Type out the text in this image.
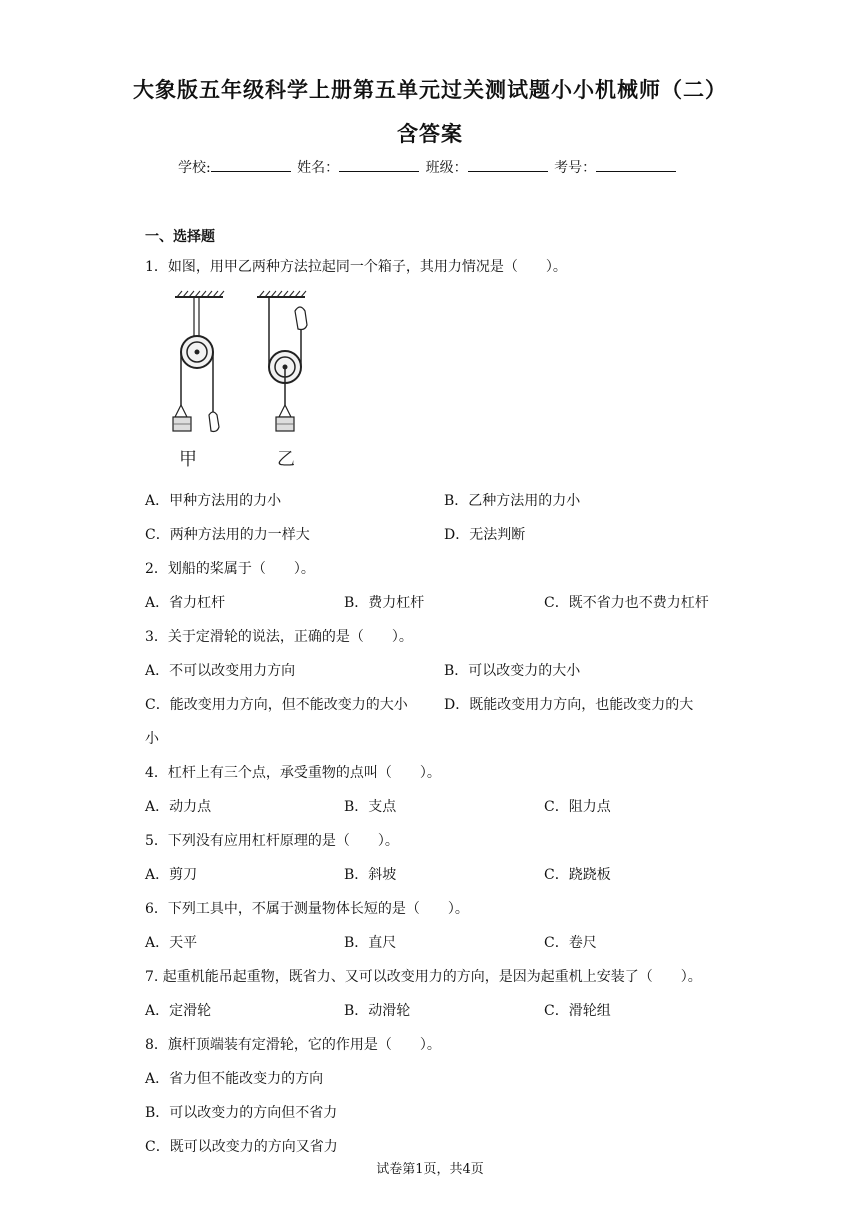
大象版五年级科学上册第五单元过关测试题小小机械师（二）
含答案
学校:	姓名：	班级：	考号：
一、选择题
1．如图，用甲乙两种方法拉起同一个箱子，其用力情况是（　　）。
甲	乙
A．甲种方法用的力小	B．乙种方法用的力小
C．两种方法用的力一样大	D．无法判断
2．划船的桨属于（　　）。
A．省力杠杆	B．费力杠杆	C．既不省力也不费力杠杆
3．关于定滑轮的说法，正确的是（　　）。
A．不可以改变用力方向	B．可以改变力的大小
C．能改变用力方向，但不能改变力的大小	D．既能改变用力方向，也能改变力的大
小
4．杠杆上有三个点，承受重物的点叫（　　）。
A．动力点	B．支点	C．阻力点
5．下列没有应用杠杆原理的是（　　）。
A．剪刀	B．斜坡	C．跷跷板
6．下列工具中，不属于测量物体长短的是（　　）。
A．天平	B．直尺	C．卷尺
7. 起重机能吊起重物，既省力、又可以改变用力的方向，是因为起重机上安装了（　　）。
A．定滑轮	B．动滑轮	C．滑轮组
8．旗杆顶端装有定滑轮，它的作用是（　　）。
A．省力但不能改变力的方向
B．可以改变力的方向但不省力
C．既可以改变力的方向又省力
试卷第1页，共4页
